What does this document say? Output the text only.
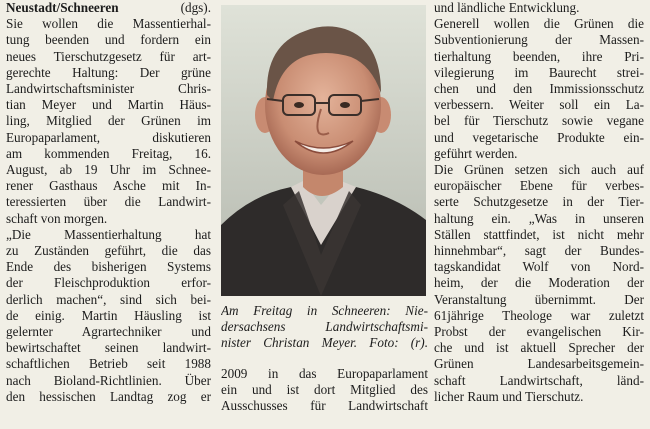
Neustadt/Schneeren	(dgs).
Sie wollen die Massentierhal-
tung beenden und fordern ein
neues Tierschutzgesetz für art-
gerechte Haltung: Der grüne
Landwirtschaftsminister Chris-
tian Meyer und Martin Häus-
ling, Mitglied der Grünen im
Europaparlament, diskutieren
am kommenden Freitag, 16.
August, ab 19 Uhr im Schnee-
rener Gasthaus Asche mit In-
teressierten über die Landwirt-
schaft von morgen.
„Die Massentierhaltung hat
zu Zuständen geführt, die das
Ende des bisherigen Systems
der Fleischproduktion erfor-
derlich machen“, sind sich bei-
de einig. Martin Häusling ist
gelernter Agrartechniker und
bewirtschaftet seinen landwirt-
schaftlichen Betrieb seit 1988
nach Bioland-Richtlinien. Über
den hessischen Landtag zog er
Am Freitag in Schneeren: Nie-
dersachsens Landwirtschaftsmi-
nister Christan Meyer. Foto: (r).
2009 in das Europaparlament
ein und ist dort Mitglied des
Ausschusses für Landwirtschaft
und ländliche Entwicklung.
Generell wollen die Grünen die
Subventionierung der Massen-
tierhaltung beenden, ihre Pri-
vilegierung im Baurecht strei-
chen und den Immissionsschutz
verbessern. Weiter soll ein La-
bel für Tierschutz sowie vegane
und vegetarische Produkte ein-
geführt werden.
Die Grünen setzen sich auch auf
europäischer Ebene für verbes-
serte Schutzgesetze in der Tier-
haltung ein. „Was in unseren
Ställen stattfindet, ist nicht mehr
hinnehmbar“, sagt der Bundes-
tagskandidat Wolf von Nord-
heim, der die Moderation der
Veranstaltung übernimmt. Der
61jährige Theologe war zuletzt
Probst der evangelischen Kir-
che und ist aktuell Sprecher der
Grünen Landesarbeitsgemein-
schaft Landwirtschaft, länd-
licher Raum und Tierschutz.
